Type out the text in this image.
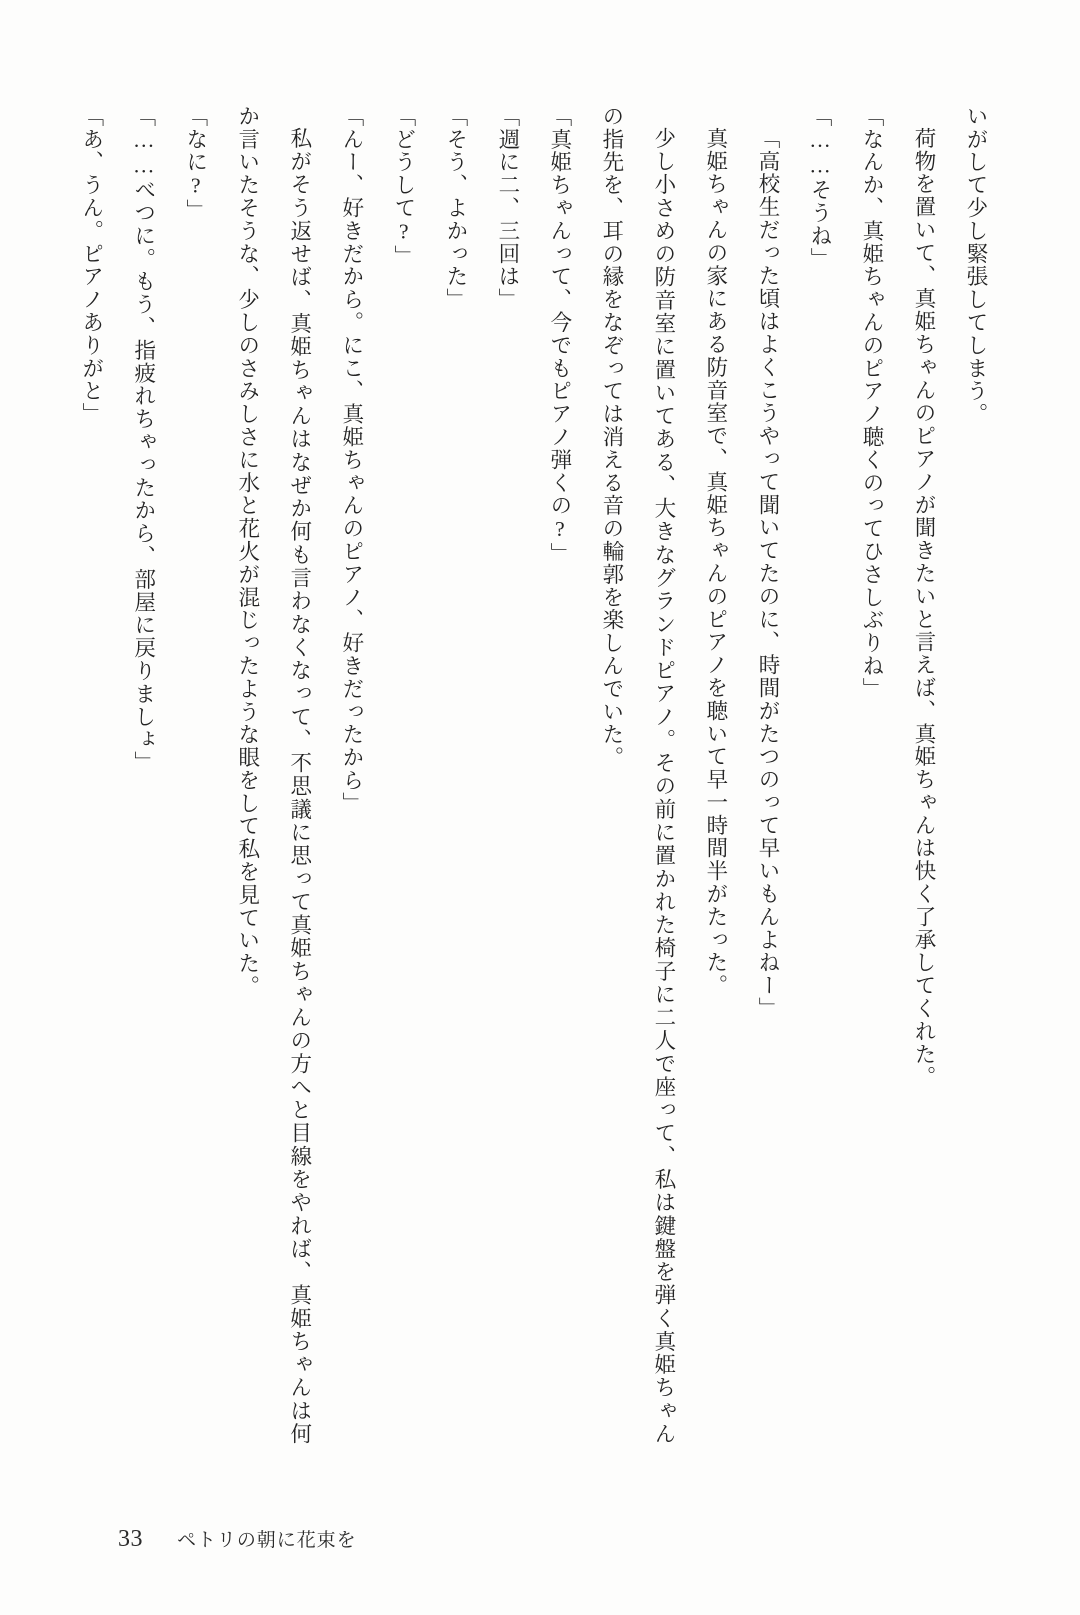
いがして少し緊張してしまう。

荷物を置いて、真姫ちゃんのピアノが聞きたいと言えば、真姫ちゃんは快く了承してくれた。

「なんか、真姫ちゃんのピアノ聴くのってひさしぶりね」

「……そうね」

「高校生だった頃はよくこうやって聞いてたのに、時間がたつのって早いもんよねー」

真姫ちゃんの家にある防音室で、真姫ちゃんのピアノを聴いて早一時間半がたった。

少し小さめの防音室に置いてある、大きなグランドピアノ。その前に置かれた椅子に二人で座って、私は鍵盤を弾く真姫ちゃんの指先を、耳の縁をなぞっては消える音の輪郭を楽しんでいた。

「真姫ちゃんって、今でもピアノ弾くの?」

「週に二、三回は」

「そう、よかった」

「どうして?」

「んー、好きだから。にこ、真姫ちゃんのピアノ、好きだったから」

私がそう返せば、真姫ちゃんはなぜか何も言わなくなって、不思議に思って真姫ちゃんの方へと目線をやれば、真姫ちゃんは何か言いたそうな、少しのさみしさに水と花火が混じったような眼をして私を見ていた。

「なに?」

「……べつに。もう、指疲れちゃったから、部屋に戻りましょ」

「あ、うん。ピアノありがと」

33 ペトリの朝に花束を
